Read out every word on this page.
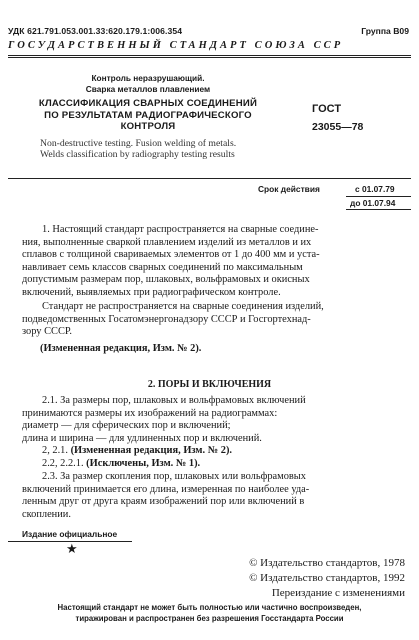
УДК 621.791.053.001.33:620.179.1:006.354	Группа В09
ГОСУДАРСТВЕННЫЙ СТАНДАРТ СОЮЗА ССР
Контроль неразрушающий.
Сварка металлов плавлением
КЛАССИФИКАЦИЯ СВАРНЫХ СОЕДИНЕНИЙ
ПО РЕЗУЛЬТАТАМ РАДИОГРАФИЧЕСКОГО
КОНТРОЛЯ
Non-destructive testing. Fusion welding of metals.
Welds classification by radiography testing results
ГОСТ
23055—78
Срок действия	с 01.07.79
до 01.07.94
1. Настоящий стандарт распространяется на сварные соедине-
ния, выполненные сваркой плавлением изделий из металлов и их
сплавов с толщиной свариваемых элементов от 1 до 400 мм и уста-
навливает семь классов сварных соединений по максимальным
допустимым размерам пор, шлаковых, вольфрамовых и окисных
включений, выявляемых при радиографическом контроле.
Стандарт не распространяется на сварные соединения изделий,
подведомственных Госатомэнергонадзору СССР и Госгортехнад-
зору СССР.
(Измененная редакция, Изм. № 2).
2. ПОРЫ И ВКЛЮЧЕНИЯ
2.1. За размеры пор, шлаковых и вольфрамовых включений
принимаются размеры их изображений на радиограммах:
диаметр — для сферических пор и включений;
длина и ширина — для удлиненных пор и включений.
2, 2.1. (Измененная редакция, Изм. № 2).
2.2, 2.2.1. (Исключены, Изм. № 1).
2.3. За размер скопления пор, шлаковых или вольфрамовых
включений принимается его длина, измеренная по наиболее уда-
ленным друг от друга краям изображений пор или включений в
скоплении.
Издание официальное
★
© Издательство стандартов, 1978
© Издательство стандартов, 1992
Переиздание с изменениями
Настоящий стандарт не может быть полностью или частично воспроизведен,
тиражирован и распространен без разрешения Госстандарта России
